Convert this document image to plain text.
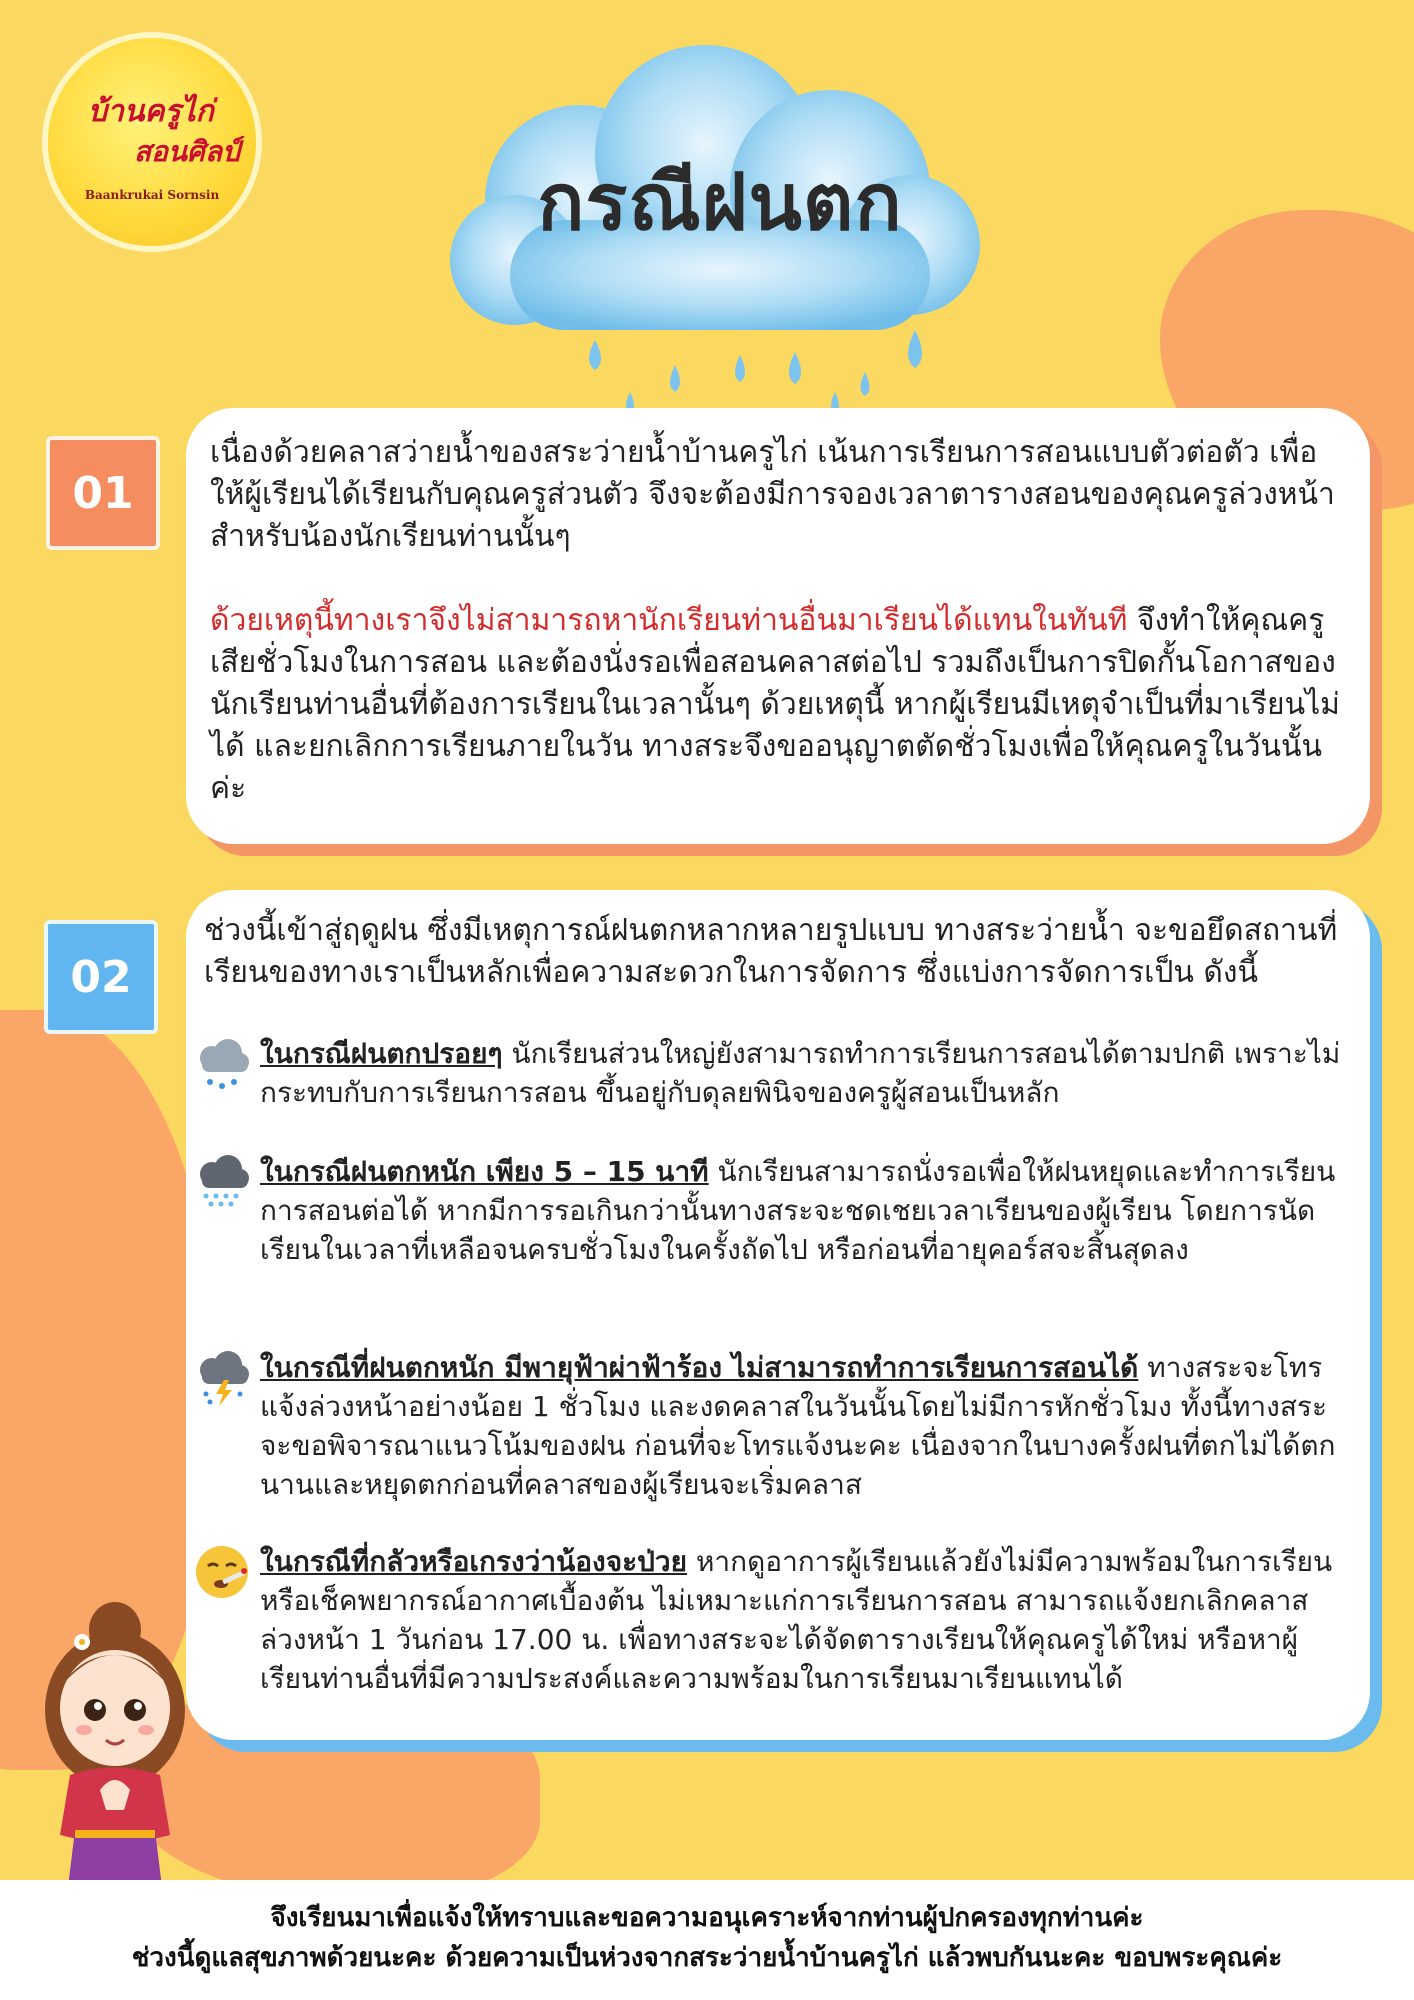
บ้านครูไก่
สอนศิลป์
Baankrukai Sornsin	กรณีฝนตก
01

เนื่องด้วยคลาสว่ายน้ำของสระว่ายน้ำบ้านครูไก่ เน้นการเรียนการสอนแบบตัวต่อตัว เพื่อให้ผู้เรียนได้เรียนกับคุณครูส่วนตัว จึงจะต้องมีการจองเวลาตารางสอนของคุณครูล่วงหน้า สำหรับน้องนักเรียนท่านนั้นๆ

ด้วยเหตุนี้ทางเราจึงไม่สามารถหานักเรียนท่านอื่นมาเรียนได้แทนในทันที จึงทำให้คุณครูเสียชั่วโมงในการสอน และต้องนั่งรอเพื่อสอนคลาสต่อไป รวมถึงเป็นการปิดกั้นโอกาสของนักเรียนท่านอื่นที่ต้องการเรียนในเวลานั้นๆ ด้วยเหตุนี้ หากผู้เรียนมีเหตุจำเป็นที่มาเรียนไม่ได้ และยกเลิกการเรียนภายในวัน ทางสระจึงขออนุญาตตัดชั่วโมงเพื่อให้คุณครูในวันนั้นค่ะ

02
ช่วงนี้เข้าสู่ฤดูฝน ซึ่งมีเหตุการณ์ฝนตกหลากหลายรูปแบบ ทางสระว่ายน้ำ จะขอยึดสถานที่เรียนของทางเราเป็นหลักเพื่อความสะดวกในการจัดการ ซึ่งแบ่งการจัดการเป็น ดังนี้
ในกรณีฝนตกปรอยๆ นักเรียนส่วนใหญ่ยังสามารถทำการเรียนการสอนได้ตามปกติ เพราะไม่กระทบกับการเรียนการสอน ขึ้นอยู่กับดุลยพินิจของครูผู้สอนเป็นหลัก
ในกรณีฝนตกหนัก เพียง 5 – 15 นาที นักเรียนสามารถนั่งรอเพื่อให้ฝนหยุดและทำการเรียนการสอนต่อได้ หากมีการรอเกินกว่านั้นทางสระจะชดเชยเวลาเรียนของผู้เรียน โดยการนัดเรียนในเวลาที่เหลือจนครบชั่วโมงในครั้งถัดไป หรือก่อนที่อายุคอร์สจะสิ้นสุดลง
ในกรณีที่ฝนตกหนัก มีพายุฟ้าผ่าฟ้าร้อง ไม่สามารถทำการเรียนการสอนได้ ทางสระจะโทรแจ้งล่วงหน้าอย่างน้อย 1 ชั่วโมง และงดคลาสในวันนั้นโดยไม่มีการหักชั่วโมง ทั้งนี้ทางสระจะขอพิจารณาแนวโน้มของฝน ก่อนที่จะโทรแจ้งนะคะ เนื่องจากในบางครั้งฝนที่ตกไม่ได้ตกนานและหยุดตกก่อนที่คลาสของผู้เรียนจะเริ่มคลาส
ในกรณีที่กลัวหรือเกรงว่าน้องจะป่วย หากดูอาการผู้เรียนแล้วยังไม่มีความพร้อมในการเรียนหรือเช็คพยากรณ์อากาศเบื้องต้น ไม่เหมาะแก่การเรียนการสอน สามารถแจ้งยกเลิกคลาสล่วงหน้า 1 วันก่อน 17.00 น. เพื่อทางสระจะได้จัดตารางเรียนให้คุณครูได้ใหม่ หรือหาผู้เรียนท่านอื่นที่มีความประสงค์และความพร้อมในการเรียนมาเรียนแทนได้
จึงเรียนมาเพื่อแจ้งให้ทราบและขอความอนุเคราะห์จากท่านผู้ปกครองทุกท่านค่ะ
ช่วงนี้ดูแลสุขภาพด้วยนะคะ ด้วยความเป็นห่วงจากสระว่ายน้ำบ้านครูไก่ แล้วพบกันนะคะ ขอบพระคุณค่ะ
